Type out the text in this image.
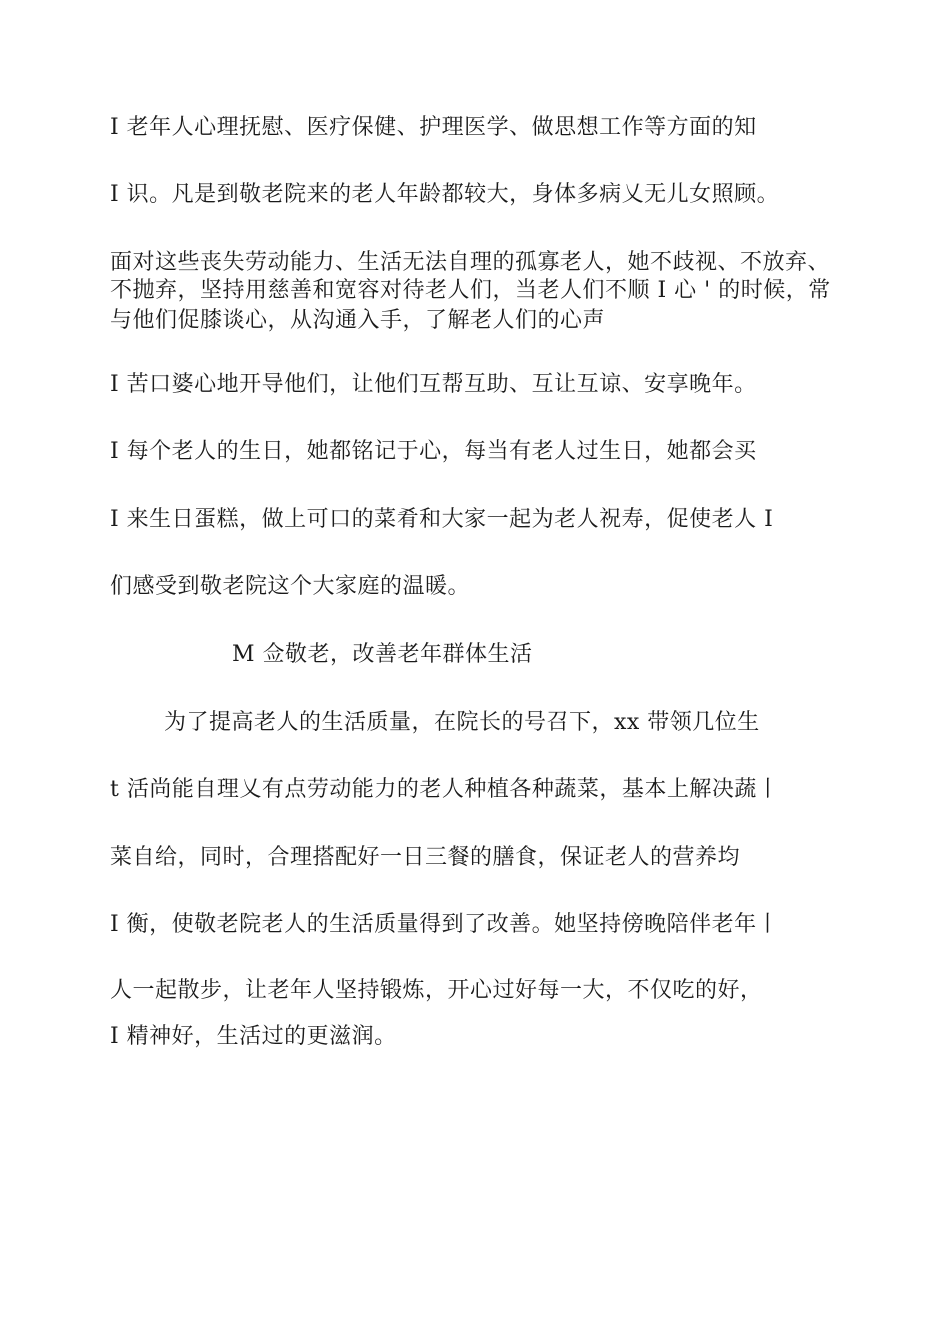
I 老年人心理抚慰、医疗保健、护理医学、做思想工作等方面的知
I 识。凡是到敬老院来的老人年龄都较大，身体多病乂无儿女照顾。
面对这些丧失劳动能力、生活无法自理的孤寡老人，她不歧视、不放弃、
不抛弃，坚持用慈善和宽容对待老人们，当老人们不顺 I 心 ' 的时候，常
与他们促膝谈心，从沟通入手，了解老人们的心声
I 苦口婆心地开导他们，让他们互帮互助、互让互谅、安享晚年。
I 每个老人的生日，她都铭记于心，每当有老人过生日，她都会买
I 来生日蛋糕，做上可口的菜肴和大家一起为老人祝寿，促使老人 I
们感受到敬老院这个大家庭的温暖。
M 佥敬老，改善老年群体生活
为了提高老人的生活质量，在院长的号召下，xx 带领几位生
t 活尚能自理乂有点劳动能力的老人种植各种蔬菜，基本上解决蔬丨
菜自给，同时，合理搭配好一日三餐的膳食，保证老人的营养均
I 衡，使敬老院老人的生活质量得到了改善。她坚持傍晚陪伴老年丨
人一起散步，让老年人坚持锻炼，开心过好每一大，不仅吃的好，
I 精神好，生活过的更滋润。
